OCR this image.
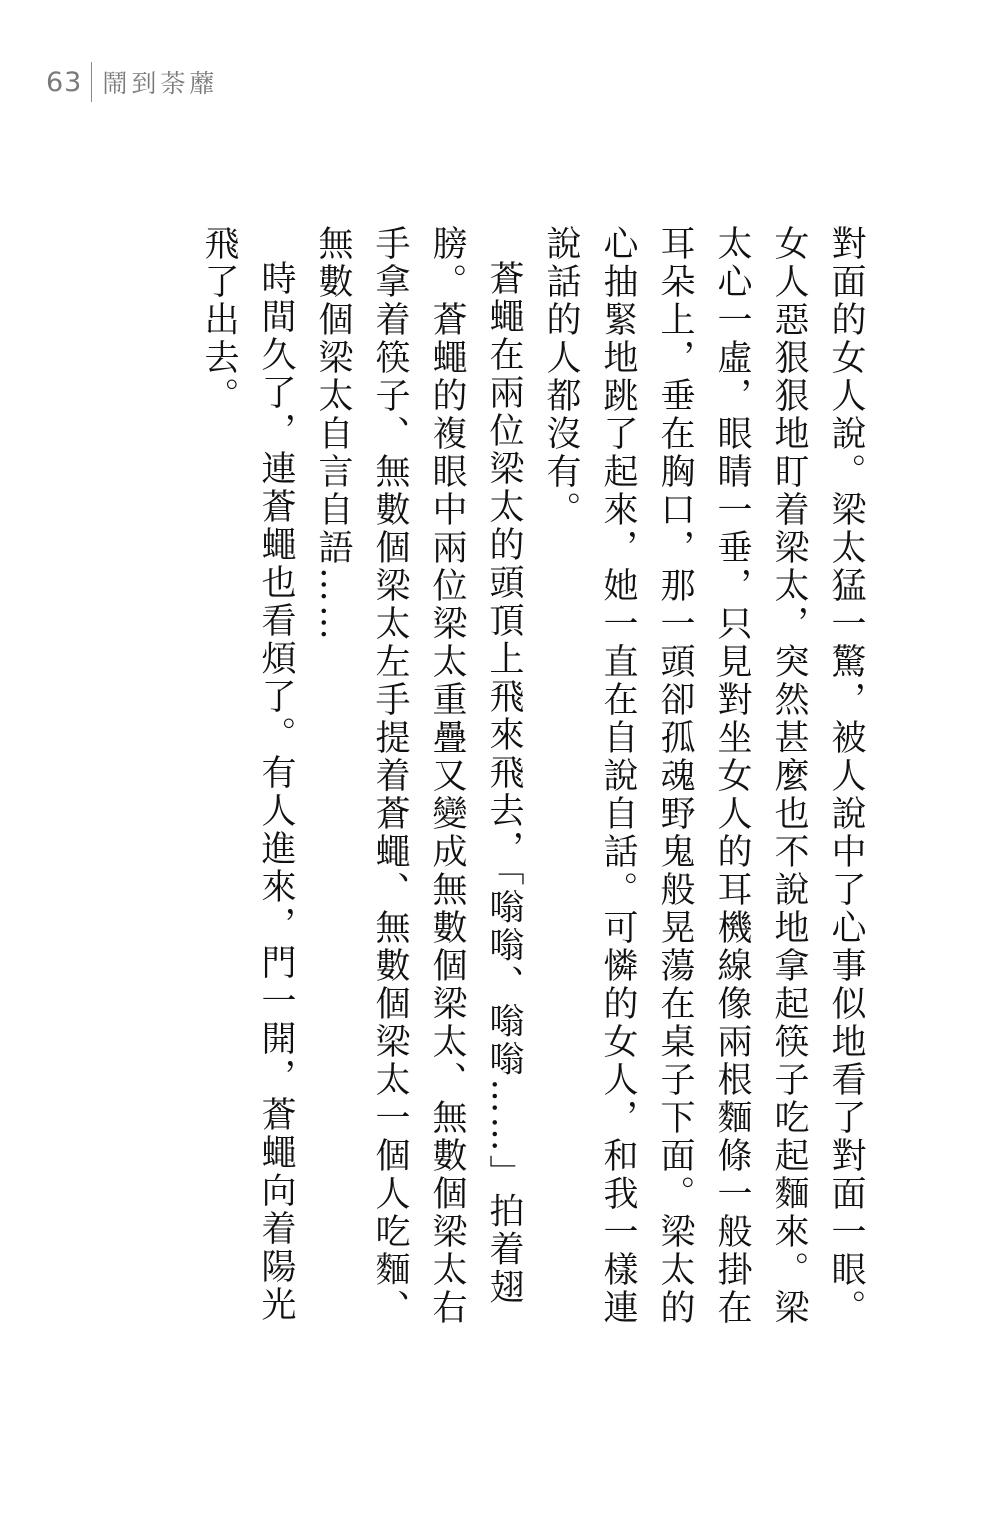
63 鬧到荼蘼

對面的女人說。梁太猛一驚，被人說中了心事似地看了對面一眼。女人惡狠狠地盯着梁太，突然甚麼也不說地拿起筷子吃起麵來。梁太心一虛，眼睛一垂，只見對坐女人的耳機線像兩根麵條一般掛在耳朵上，垂在胸口，那一頭卻孤魂野鬼般晃蕩在桌子下面。梁太的心抽緊地跳了起來，她一直在自說自話。可憐的女人，和我一樣連說話的人都沒有。

蒼蠅在兩位梁太的頭頂上飛來飛去，「嗡嗡、嗡嗡……」拍着翅膀。蒼蠅的複眼中兩位梁太重疊又變成無數個梁太、無數個梁太右手拿着筷子、無數個梁太左手提着蒼蠅、無數個梁太一個人吃麵、無數個梁太自言自語……

時間久了，連蒼蠅也看煩了。有人進來，門一開，蒼蠅向着陽光飛了出去。
